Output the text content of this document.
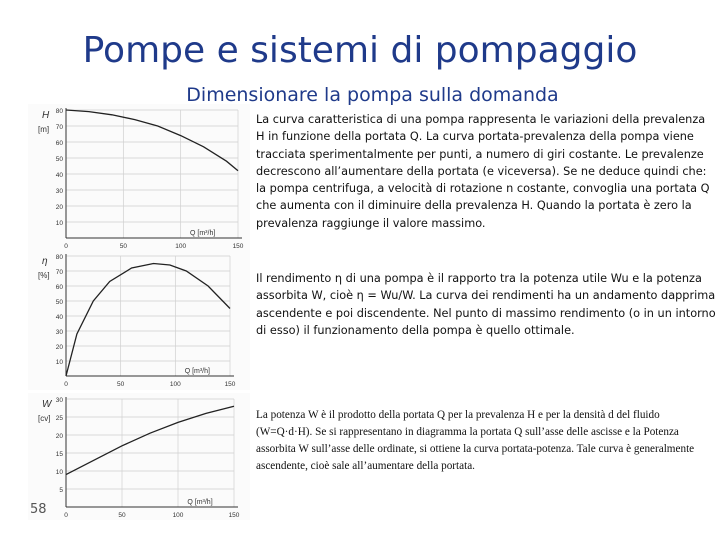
Pompe e sistemi di pompaggio
Dimensionare la pompa sulla domanda
10
20
30
40
50
60
70
80
0	50	100	150
H
[m]
Q [m³/h]
10
20
30
40
50
60
70
80
0	50	100	150
η
[%]
Q [m³/h]
5
10
15
20
25
30
0	50	100	150
W
[cv]
Q [m³/h]
La curva caratteristica di una pompa rappresenta le variazioni della prevalenza H in funzione della portata Q. La curva portata-prevalenza della pompa viene tracciata sperimentalmente per punti, a numero di giri costante. Le prevalenze decrescono all’aumentare della portata (e viceversa). Se ne deduce quindi che: la pompa centrifuga, a velocità di rotazione n costante, convoglia una portata Q che aumenta con il diminuire della prevalenza H. Quando la portata è zero la prevalenza raggiunge il valore massimo.
Il rendimento η di una pompa è il rapporto tra la potenza utile Wu e la potenza assorbita W, cioè η = Wu/W. La curva dei rendimenti ha un andamento dapprima ascendente e poi discendente. Nel punto di massimo rendimento (o in un intorno di esso) il funzionamento della pompa è quello ottimale.
La potenza W è il prodotto della portata Q per la prevalenza H e per la densità d del fluido (W=Q·d·H). Se si rappresentano in diagramma la portata Q sull’asse delle ascisse e la Potenza assorbita W sull’asse delle ordinate, si ottiene la curva portata-potenza. Tale curva è generalmente ascendente, cioè sale all’aumentare della portata.
58
